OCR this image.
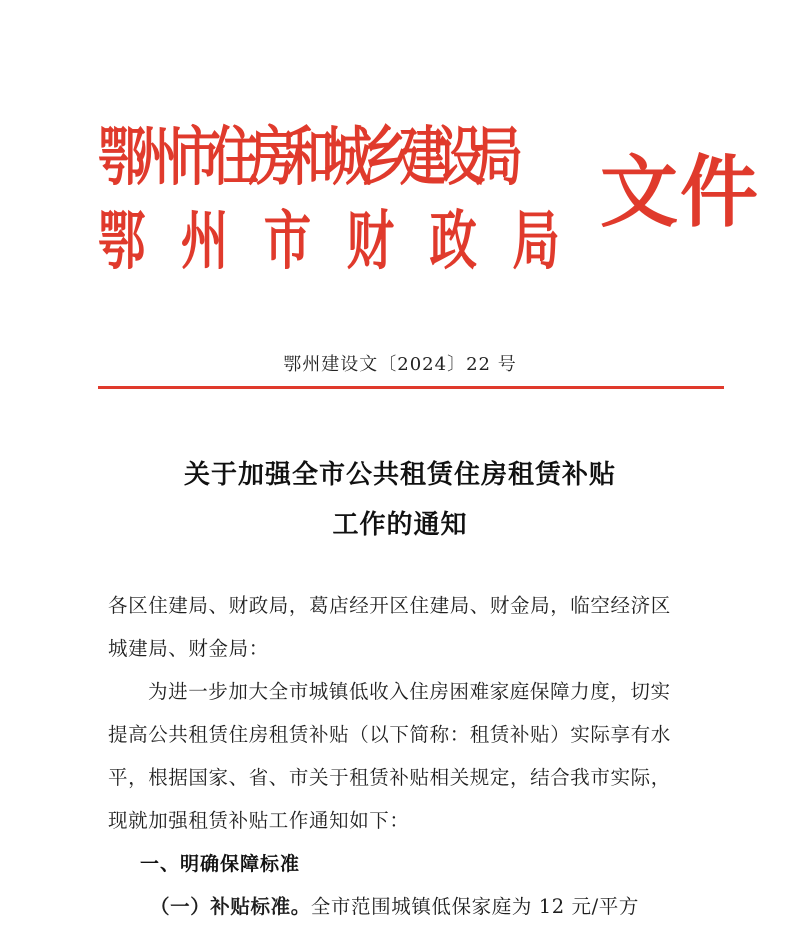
鄂州市住房和城乡建设局
鄂州市财政局
文件
鄂州建设文〔2024〕22 号
关于加强全市公共租赁住房租赁补贴
工作的通知
各区住建局、财政局，葛店经开区住建局、财金局，临空经济区
城建局、财金局：
为进一步加大全市城镇低收入住房困难家庭保障力度，切实
提高公共租赁住房租赁补贴（以下简称：租赁补贴）实际享有水
平，根据国家、省、市关于租赁补贴相关规定，结合我市实际，
现就加强租赁补贴工作通知如下：
一、明确保障标准
（一）补贴标准。全市范围城镇低保家庭为 12 元/平方
